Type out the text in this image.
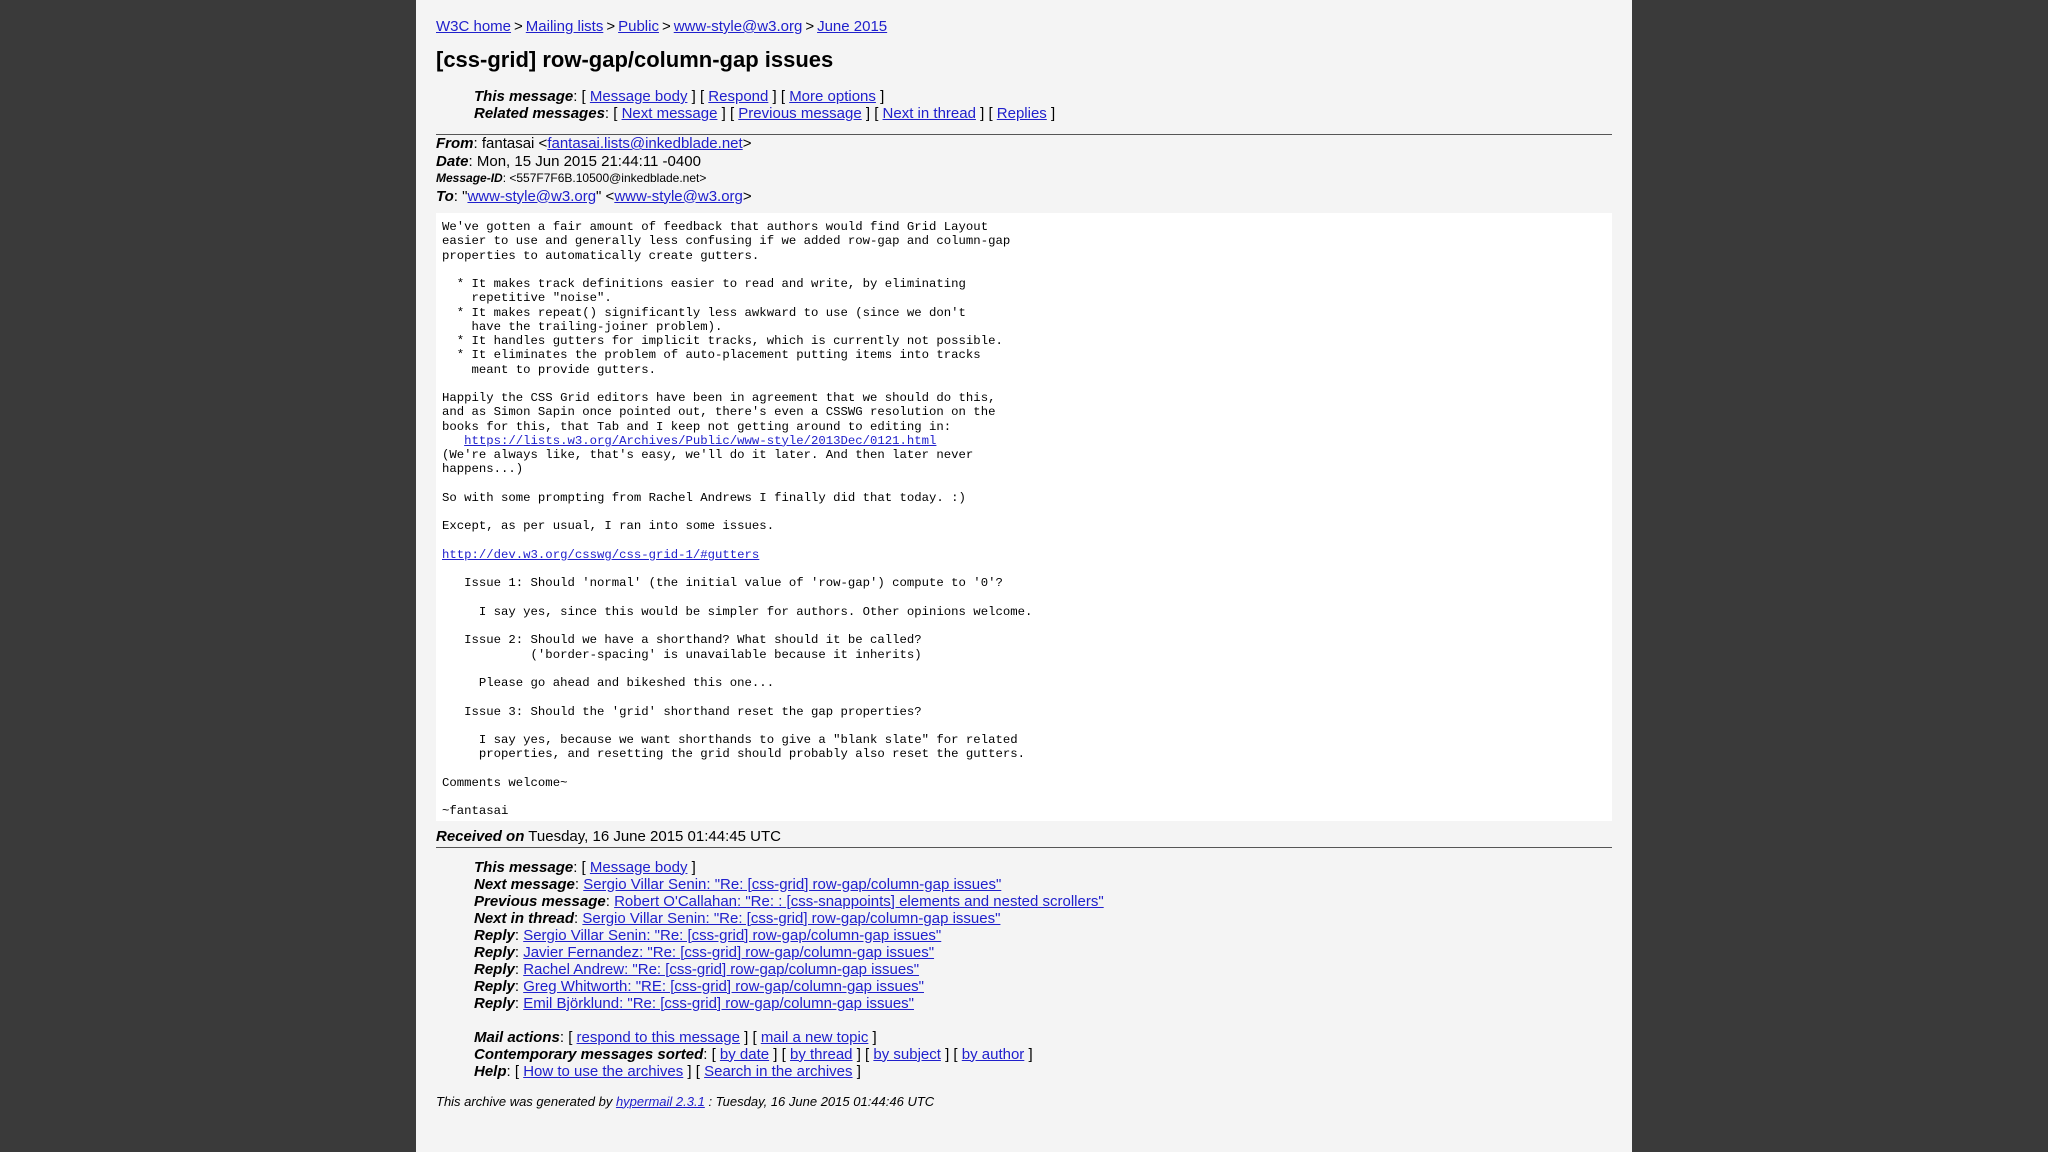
W3C home > Mailing lists > Public > www-style@w3.org > June 2015
[css-grid] row-gap/column-gap issues
This message: [ Message body ] [ Respond ] [ More options ]
Related messages: [ Next message ] [ Previous message ] [ Next in thread ] [ Replies ]
From: fantasai <fantasai.lists@inkedblade.net>
Date: Mon, 15 Jun 2015 21:44:11 -0400
Message-ID: <557F7F6B.10500@inkedblade.net>
To: "www-style@w3.org" <www-style@w3.org>
We've gotten a fair amount of feedback that authors would find Grid Layout
easier to use and generally less confusing if we added row-gap and column-gap
properties to automatically create gutters.

* It makes track definitions easier to read and write, by eliminating
repetitive "noise".
* It makes repeat() significantly less awkward to use (since we don't
have the trailing-joiner problem).
* It handles gutters for implicit tracks, which is currently not possible.
* It eliminates the problem of auto-placement putting items into tracks
meant to provide gutters.

Happily the CSS Grid editors have been in agreement that we should do this,
and as Simon Sapin once pointed out, there's even a CSSWG resolution on the
books for this, that Tab and I keep not getting around to editing in:
https://lists.w3.org/Archives/Public/www-style/2013Dec/0121.html
(We're always like, that's easy, we'll do it later. And then later never
happens...)

So with some prompting from Rachel Andrews I finally did that today. :)

Except, as per usual, I ran into some issues.

http://dev.w3.org/csswg/css-grid-1/#gutters

Issue 1: Should 'normal' (the initial value of 'row-gap') compute to '0'?

I say yes, since this would be simpler for authors. Other opinions welcome.

Issue 2: Should we have a shorthand? What should it be called?
('border-spacing' is unavailable because it inherits)

Please go ahead and bikeshed this one...

Issue 3: Should the 'grid' shorthand reset the gap properties?

I say yes, because we want shorthands to give a "blank slate" for related
properties, and resetting the grid should probably also reset the gutters.

Comments welcome~

~fantasai
Received on Tuesday, 16 June 2015 01:44:45 UTC
This message: [ Message body ]
Next message: Sergio Villar Senin: "Re: [css-grid] row-gap/column-gap issues"
Previous message: Robert O'Callahan: "Re: : [css-snappoints] elements and nested scrollers"
Next in thread: Sergio Villar Senin: "Re: [css-grid] row-gap/column-gap issues"
Reply: Sergio Villar Senin: "Re: [css-grid] row-gap/column-gap issues"
Reply: Javier Fernandez: "Re: [css-grid] row-gap/column-gap issues"
Reply: Rachel Andrew: "Re: [css-grid] row-gap/column-gap issues"
Reply: Greg Whitworth: "RE: [css-grid] row-gap/column-gap issues"
Reply: Emil Björklund: "Re: [css-grid] row-gap/column-gap issues"
Mail actions: [ respond to this message ] [ mail a new topic ]
Contemporary messages sorted: [ by date ] [ by thread ] [ by subject ] [ by author ]
Help: [ How to use the archives ] [ Search in the archives ]
This archive was generated by hypermail 2.3.1 : Tuesday, 16 June 2015 01:44:46 UTC
